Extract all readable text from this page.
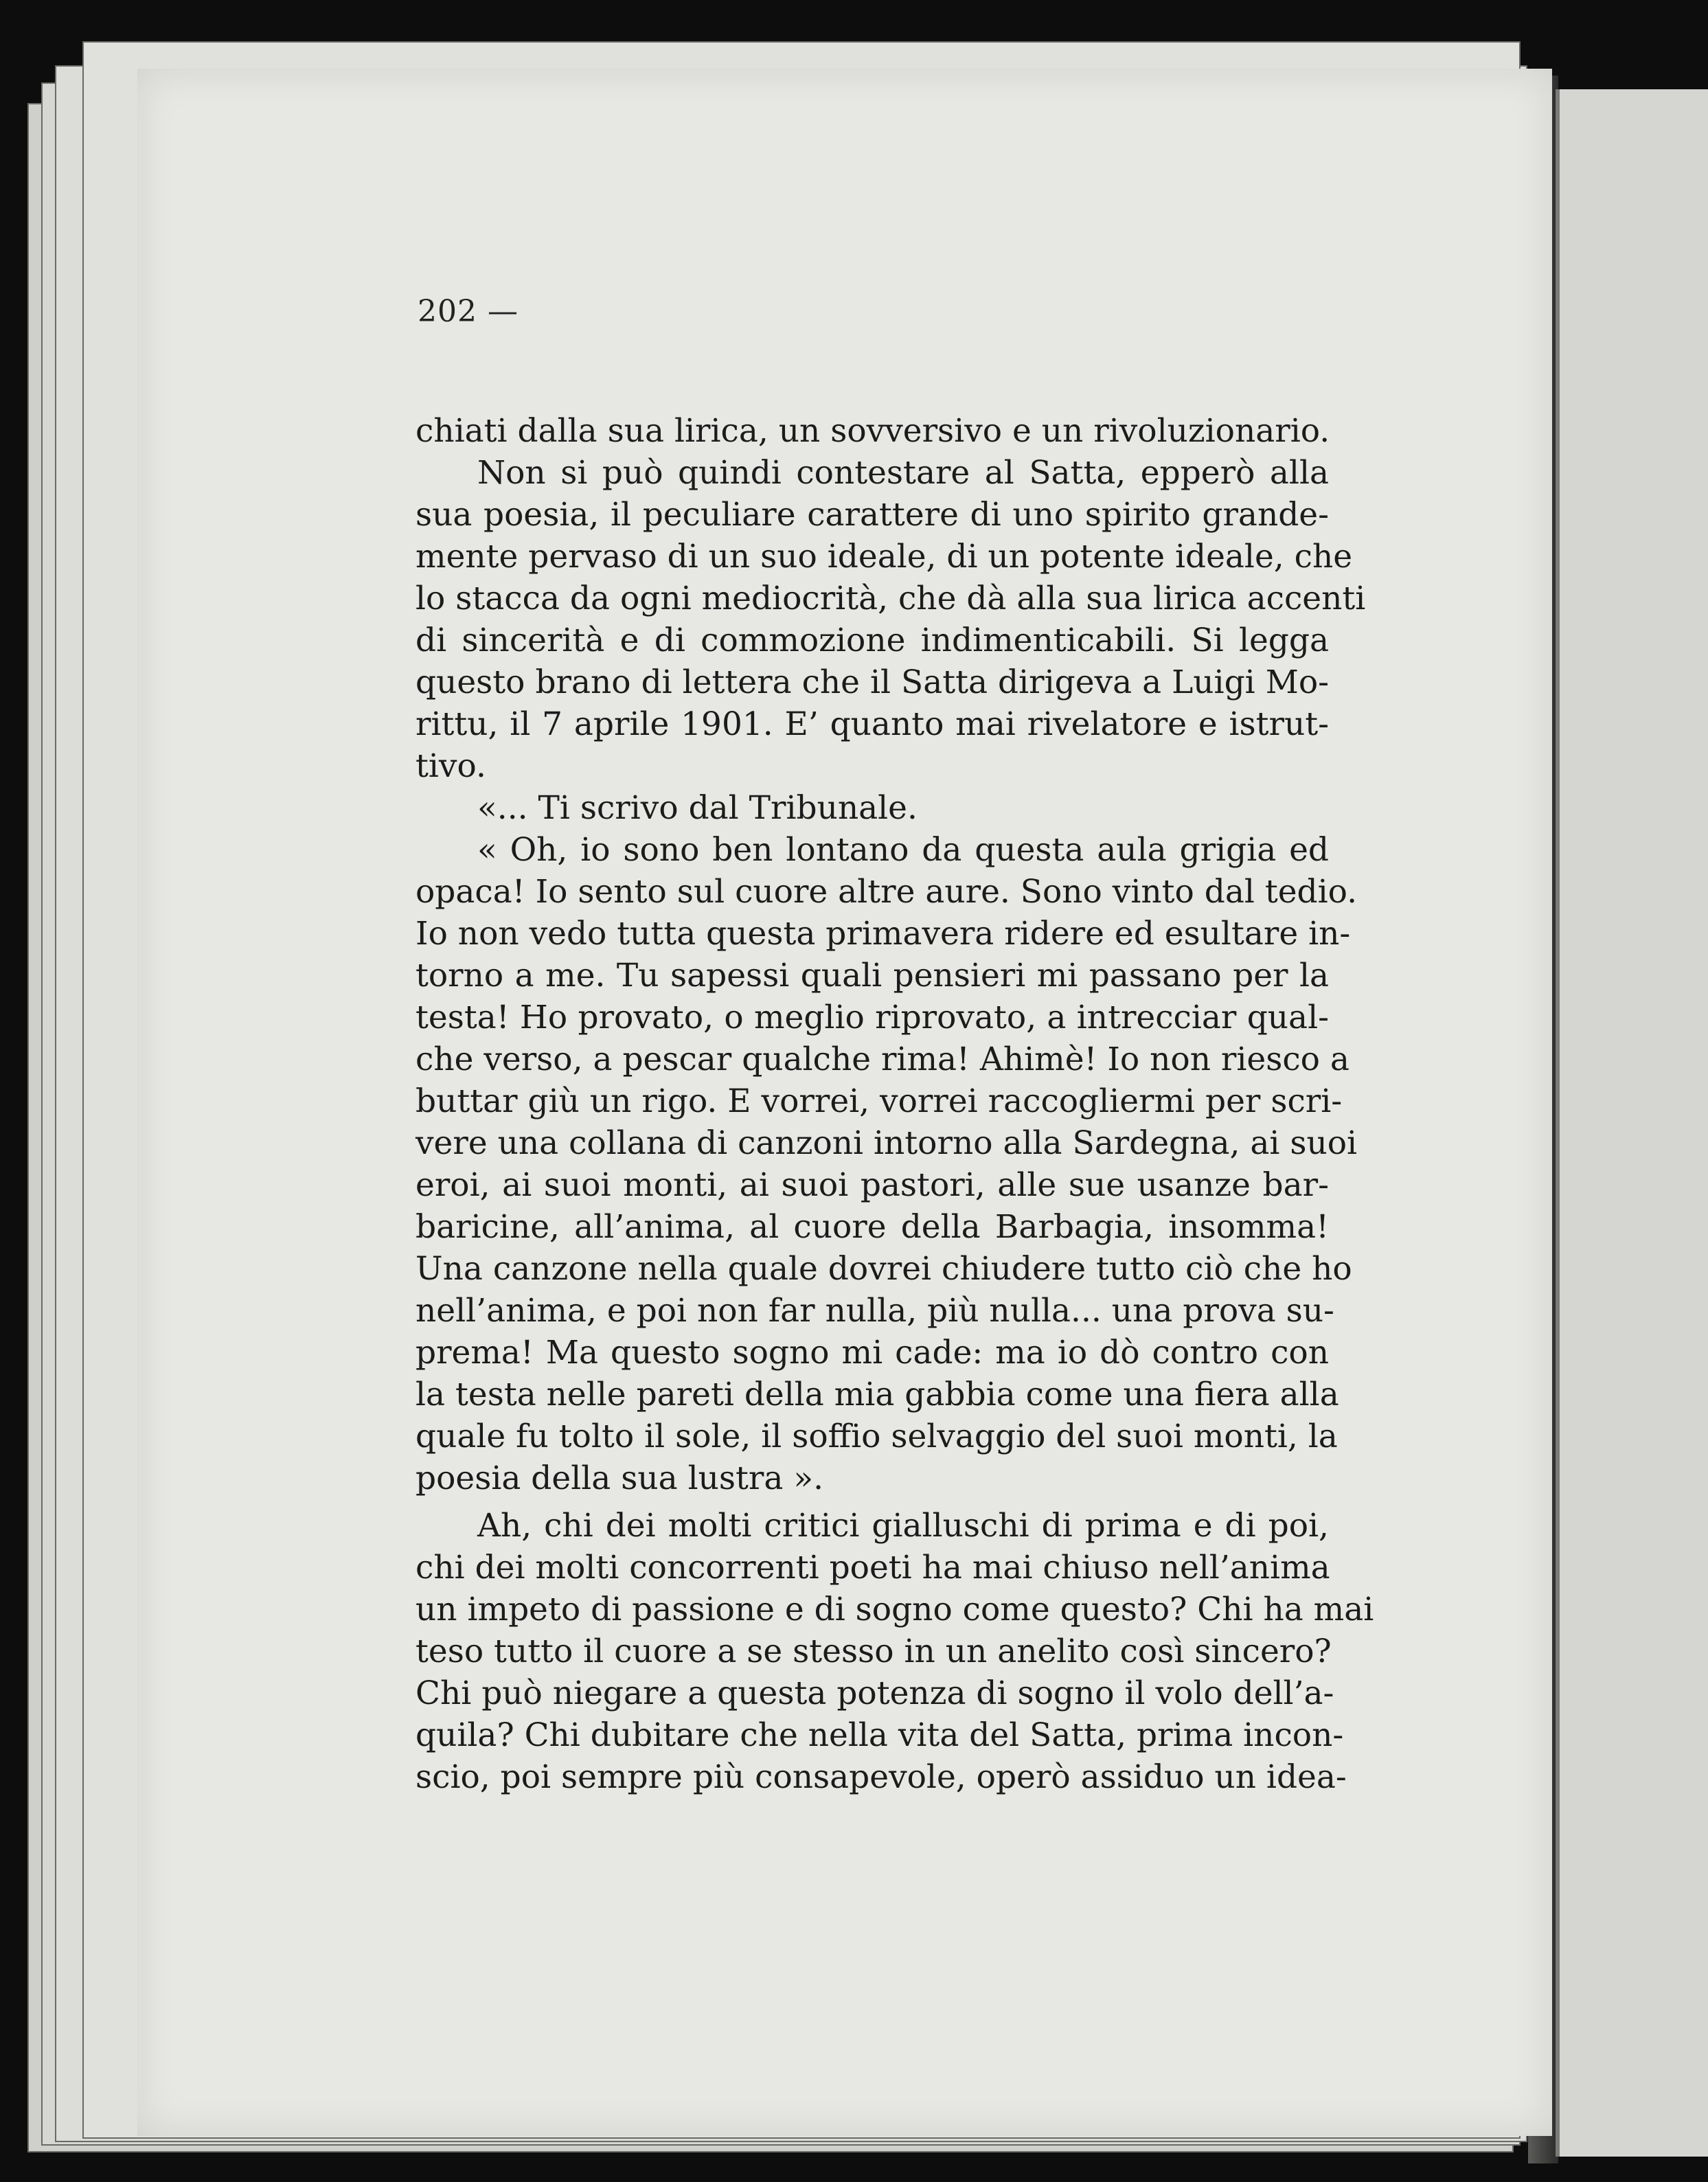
202 —
chiati dalla sua lirica, un sovversivo e un rivoluzionario.
Non si può quindi contestare al Satta, epperò alla
sua poesia, il peculiare carattere di uno spirito grande-
mente pervaso di un suo ideale, di un potente ideale, che
lo stacca da ogni mediocrità, che dà alla sua lirica accenti
di sincerità e di commozione indimenticabili. Si legga
questo brano di lettera che il Satta dirigeva a Luigi Mo-
rittu, il 7 aprile 1901. E’ quanto mai rivelatore e istrut-
tivo.
«... Ti scrivo dal Tribunale.
« Oh, io sono ben lontano da questa aula grigia ed
opaca! Io sento sul cuore altre aure. Sono vinto dal tedio.
Io non vedo tutta questa primavera ridere ed esultare in-
torno a me. Tu sapessi quali pensieri mi passano per la
testa! Ho provato, o meglio riprovato, a intrecciar qual-
che verso, a pescar qualche rima! Ahimè! Io non riesco a
buttar giù un rigo. E vorrei, vorrei raccogliermi per scri-
vere una collana di canzoni intorno alla Sardegna, ai suoi
eroi, ai suoi monti, ai suoi pastori, alle sue usanze bar-
baricine, all’anima, al cuore della Barbagia, insomma!
Una canzone nella quale dovrei chiudere tutto ciò che ho
nell’anima, e poi non far nulla, più nulla... una prova su-
prema! Ma questo sogno mi cade: ma io dò contro con
la testa nelle pareti della mia gabbia come una fiera alla
quale fu tolto il sole, il soffio selvaggio del suoi monti, la
poesia della sua lustra ».
Ah, chi dei molti critici gialluschi di prima e di poi,
chi dei molti concorrenti poeti ha mai chiuso nell’anima
un impeto di passione e di sogno come questo? Chi ha mai
teso tutto il cuore a se stesso in un anelito così sincero?
Chi può niegare a questa potenza di sogno il volo dell’a-
quila? Chi dubitare che nella vita del Satta, prima incon-
scio, poi sempre più consapevole, operò assiduo un idea-
